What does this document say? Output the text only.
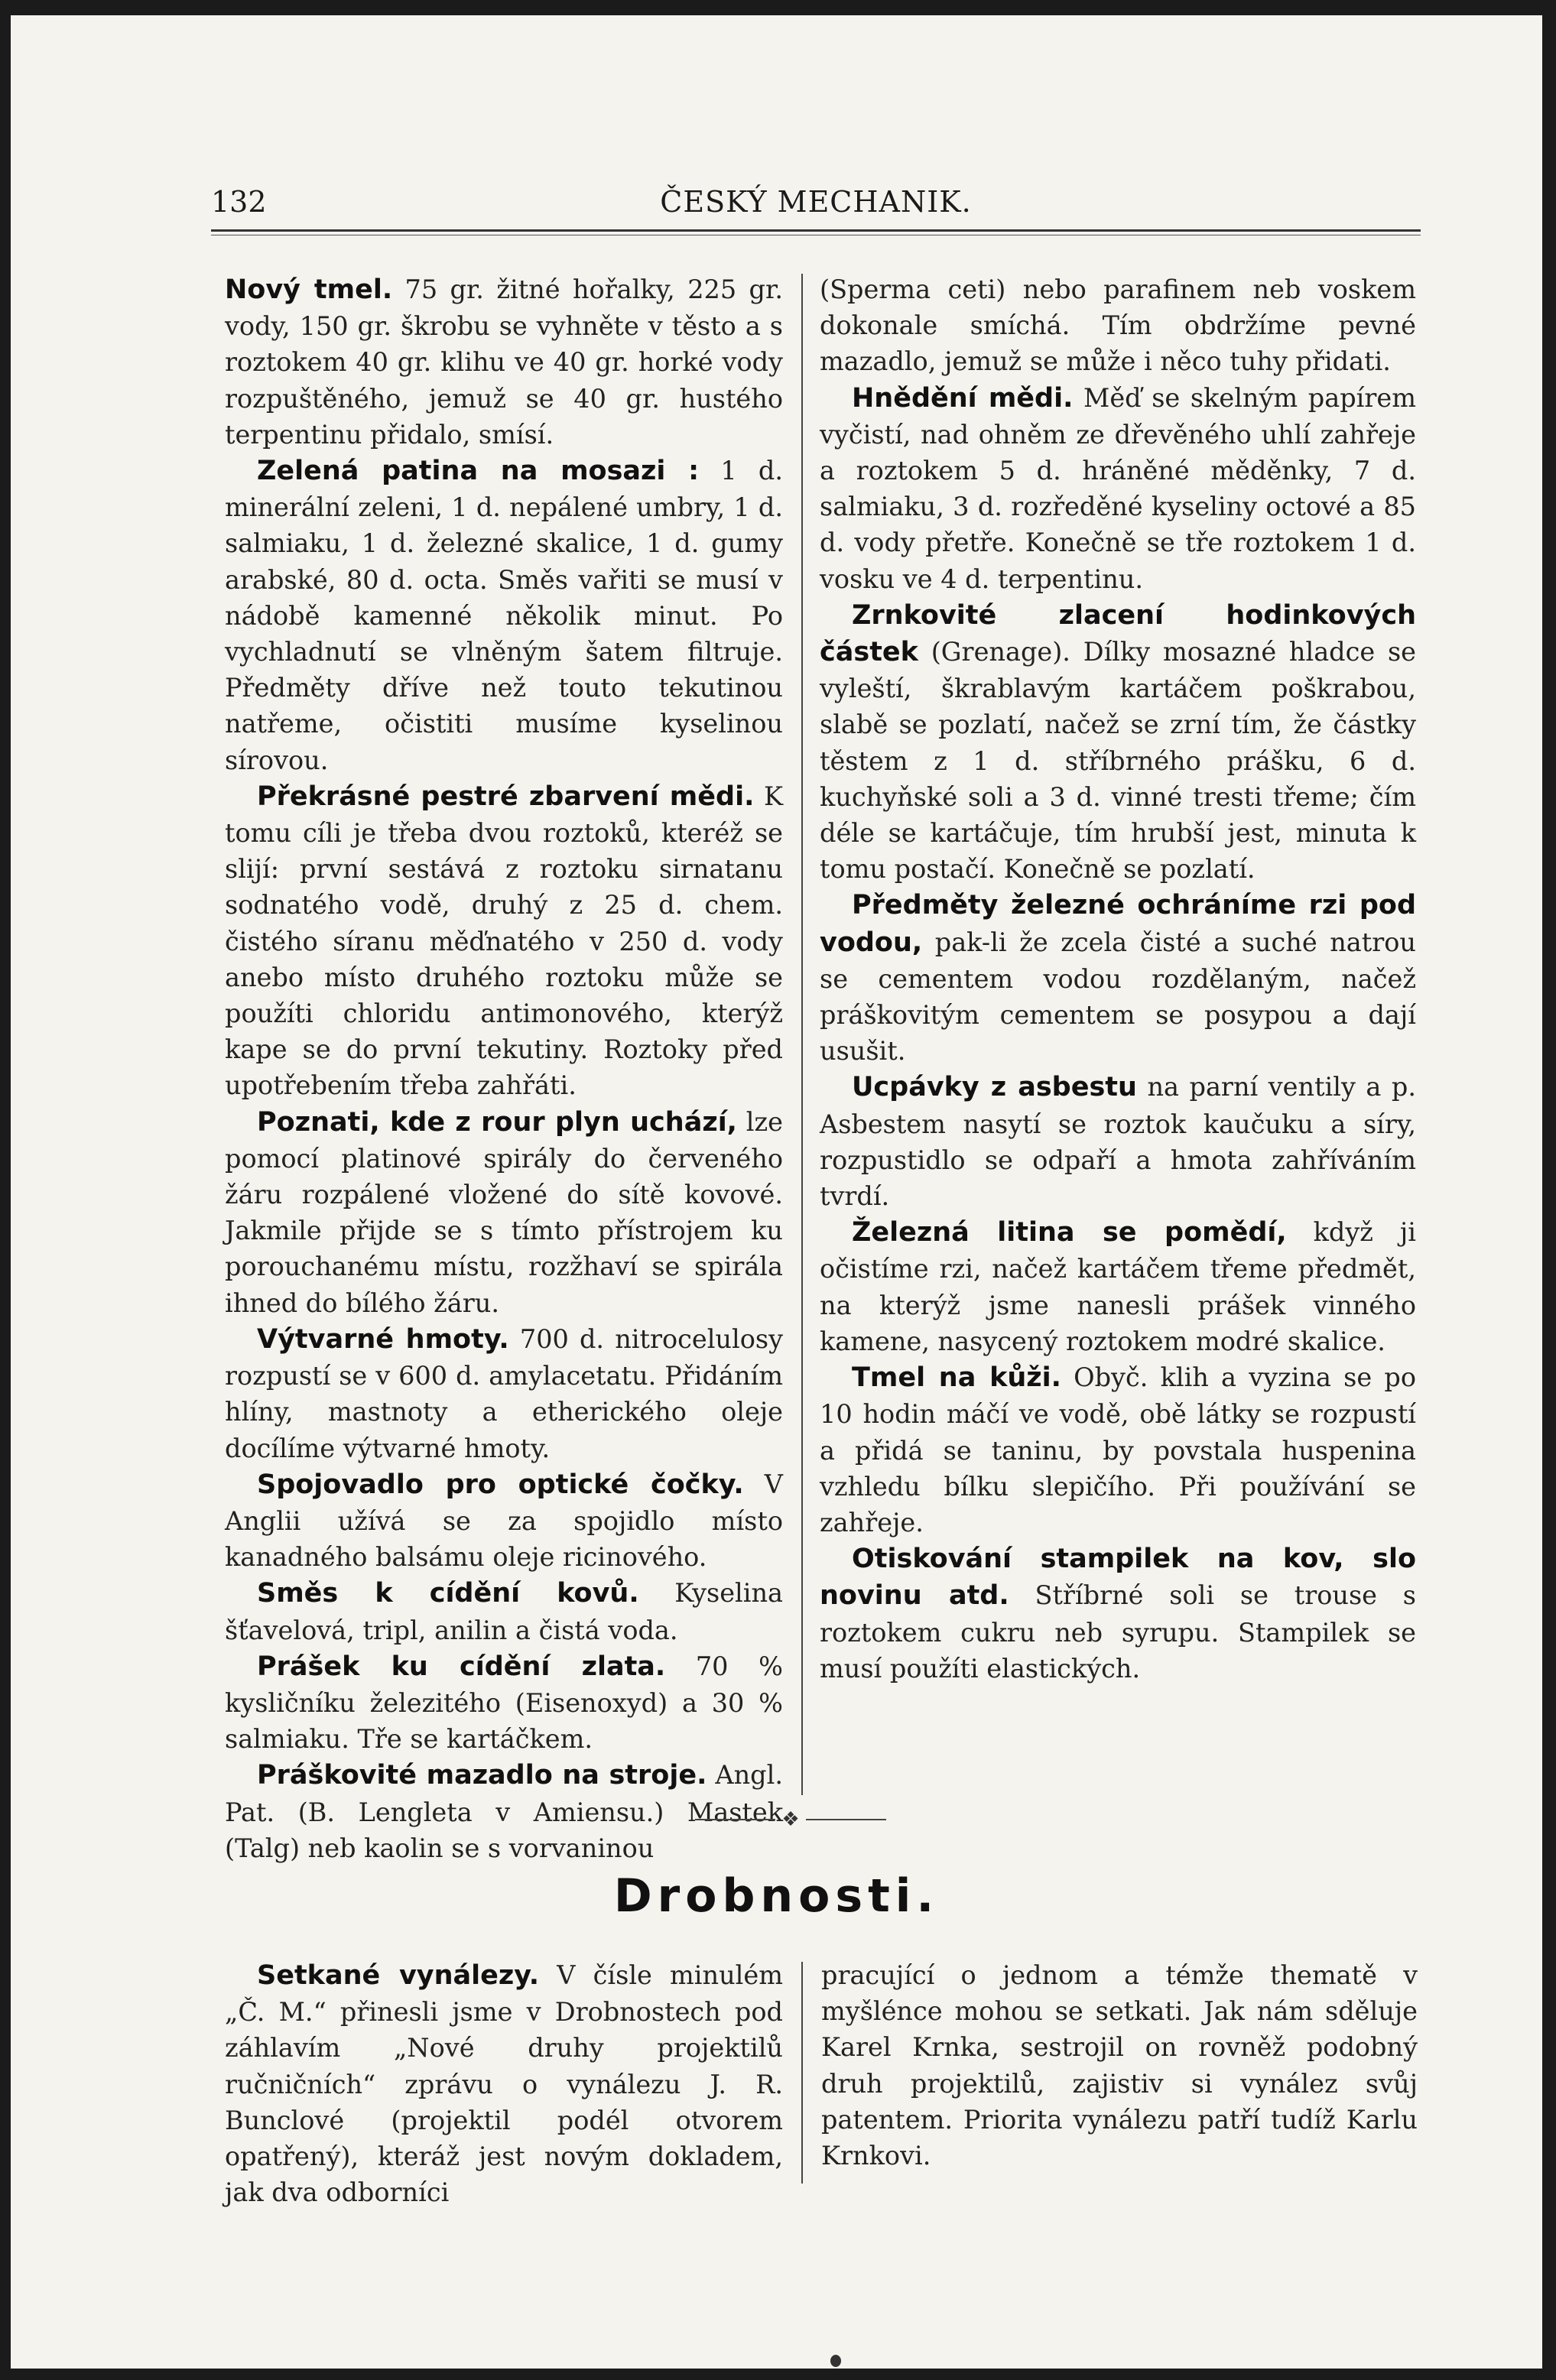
132	ČESKÝ MECHANIK.

Nový tmel. 75 gr. žitné hořalky, 225 gr. vody, 150 gr. škrobu se vyhněte v těsto a s roztokem 40 gr. klihu ve 40 gr. horké vody rozpuštěného, jemuž se 40 gr. hustého terpentinu přidalo, smísí.

Zelená patina na mosazi : 1 d. minerální zeleni, 1 d. nepálené umbry, 1 d. salmiaku, 1 d. železné skalice, 1 d. gumy arabské, 80 d. octa. Směs vařiti se musí v nádobě kamenné několik minut. Po vychladnutí se vlněným šatem filtruje. Předměty dříve než touto tekutinou natřeme, očistiti musíme kyselinou sírovou.

Překrásné pestré zbarvení mědi. K tomu cíli je třeba dvou roztoků, kteréž se slijí: první sestává z roztoku sirnatanu sodnatého vodě, druhý z 25 d. chem. čistého síranu měďnatého v 250 d. vody anebo místo druhého roztoku může se použíti chloridu antimonového, kterýž kape se do první tekutiny. Roztoky před upotřebením třeba zahřáti.

Poznati, kde z rour plyn uchází, lze pomocí platinové spirály do červeného žáru rozpálené vložené do sítě kovové. Jakmile přijde se s tímto přístrojem ku porouchanému místu, rozžhaví se spirála ihned do bílého žáru.

Výtvarné hmoty. 700 d. nitrocelulosy rozpustí se v 600 d. amylacetatu. Přidáním hlíny, mastnoty a etherického oleje docílíme výtvarné hmoty.

Spojovadlo pro optické čočky. V Anglii užívá se za spojidlo místo kanadného balsámu oleje ricinového.

Směs k cídění kovů. Kyselina šťavelová, tripl, anilin a čistá voda.

Prášek ku cídění zlata. 70 % kysličníku železitého (Eisenoxyd) a 30 % salmiaku. Tře se kartáčkem.

Práškovité mazadlo na stroje. Angl. Pat. (B. Lengleta v Amiensu.) Mastek (Talg) neb kaolin se s vorvaninou

(Sperma ceti) nebo parafinem neb voskem dokonale smíchá. Tím obdržíme pevné mazadlo, jemuž se může i něco tuhy přidati.

Hnědění mědi. Měď se skelným papírem vyčistí, nad ohněm ze dřevěného uhlí zahřeje a roztokem 5 d. hráněné měděnky, 7 d. salmiaku, 3 d. rozředěné kyseliny octové a 85 d. vody přetře. Konečně se tře roztokem 1 d. vosku ve 4 d. terpentinu.

Zrnkovité zlacení hodinkových částek (Grenage). Dílky mosazné hladce se vyleští, škrablavým kartáčem poškrabou, slabě se pozlatí, načež se zrní tím, že částky těstem z 1 d. stříbrného prášku, 6 d. kuchyňské soli a 3 d. vinné tresti třeme; čím déle se kartáčuje, tím hrubší jest, minuta k tomu postačí. Konečně se pozlatí.

Předměty železné ochráníme rzi pod vodou, pak-li že zcela čisté a suché natrou se cementem vodou rozdělaným, načež práškovitým cementem se posypou a dají usušit.

Ucpávky z asbestu na parní ventily a p. Asbestem nasytí se roztok kaučuku a síry, rozpustidlo se odpaří a hmota zahříváním tvrdí.

Železná litina se pomědí, když ji očistíme rzi, načež kartáčem třeme předmět, na kterýž jsme nanesli prášek vinného kamene, nasycený roztokem modré skalice.

Tmel na kůži. Obyč. klih a vyzina se po 10 hodin máčí ve vodě, obě látky se rozpustí a přidá se taninu, by povstala huspenina vzhledu bílku slepičího. Při používání se zahřeje.

Otiskování stampilek na kov, slo novinu atd. Stříbrné soli se trouse s roztokem cukru neb syrupu. Stampilek se musí použíti elastických.

❖
Drobnosti.

Setkané vynálezy. V čísle minulém „Č. M.“ přinesli jsme v Drobnostech pod záhlavím „Nové druhy projektilů ručničních“ zprávu o vynálezu J. R. Bunclové (projektil podél otvorem opatřený), kteráž jest novým dokladem, jak dva odborníci

pracující o jednom a témže thematě v myšlénce mohou se setkati. Jak nám sděluje Karel Krnka, sestrojil on rovněž podobný druh projektilů, zajistiv si vynález svůj patentem. Priorita vynálezu patří tudíž Karlu Krnkovi.
